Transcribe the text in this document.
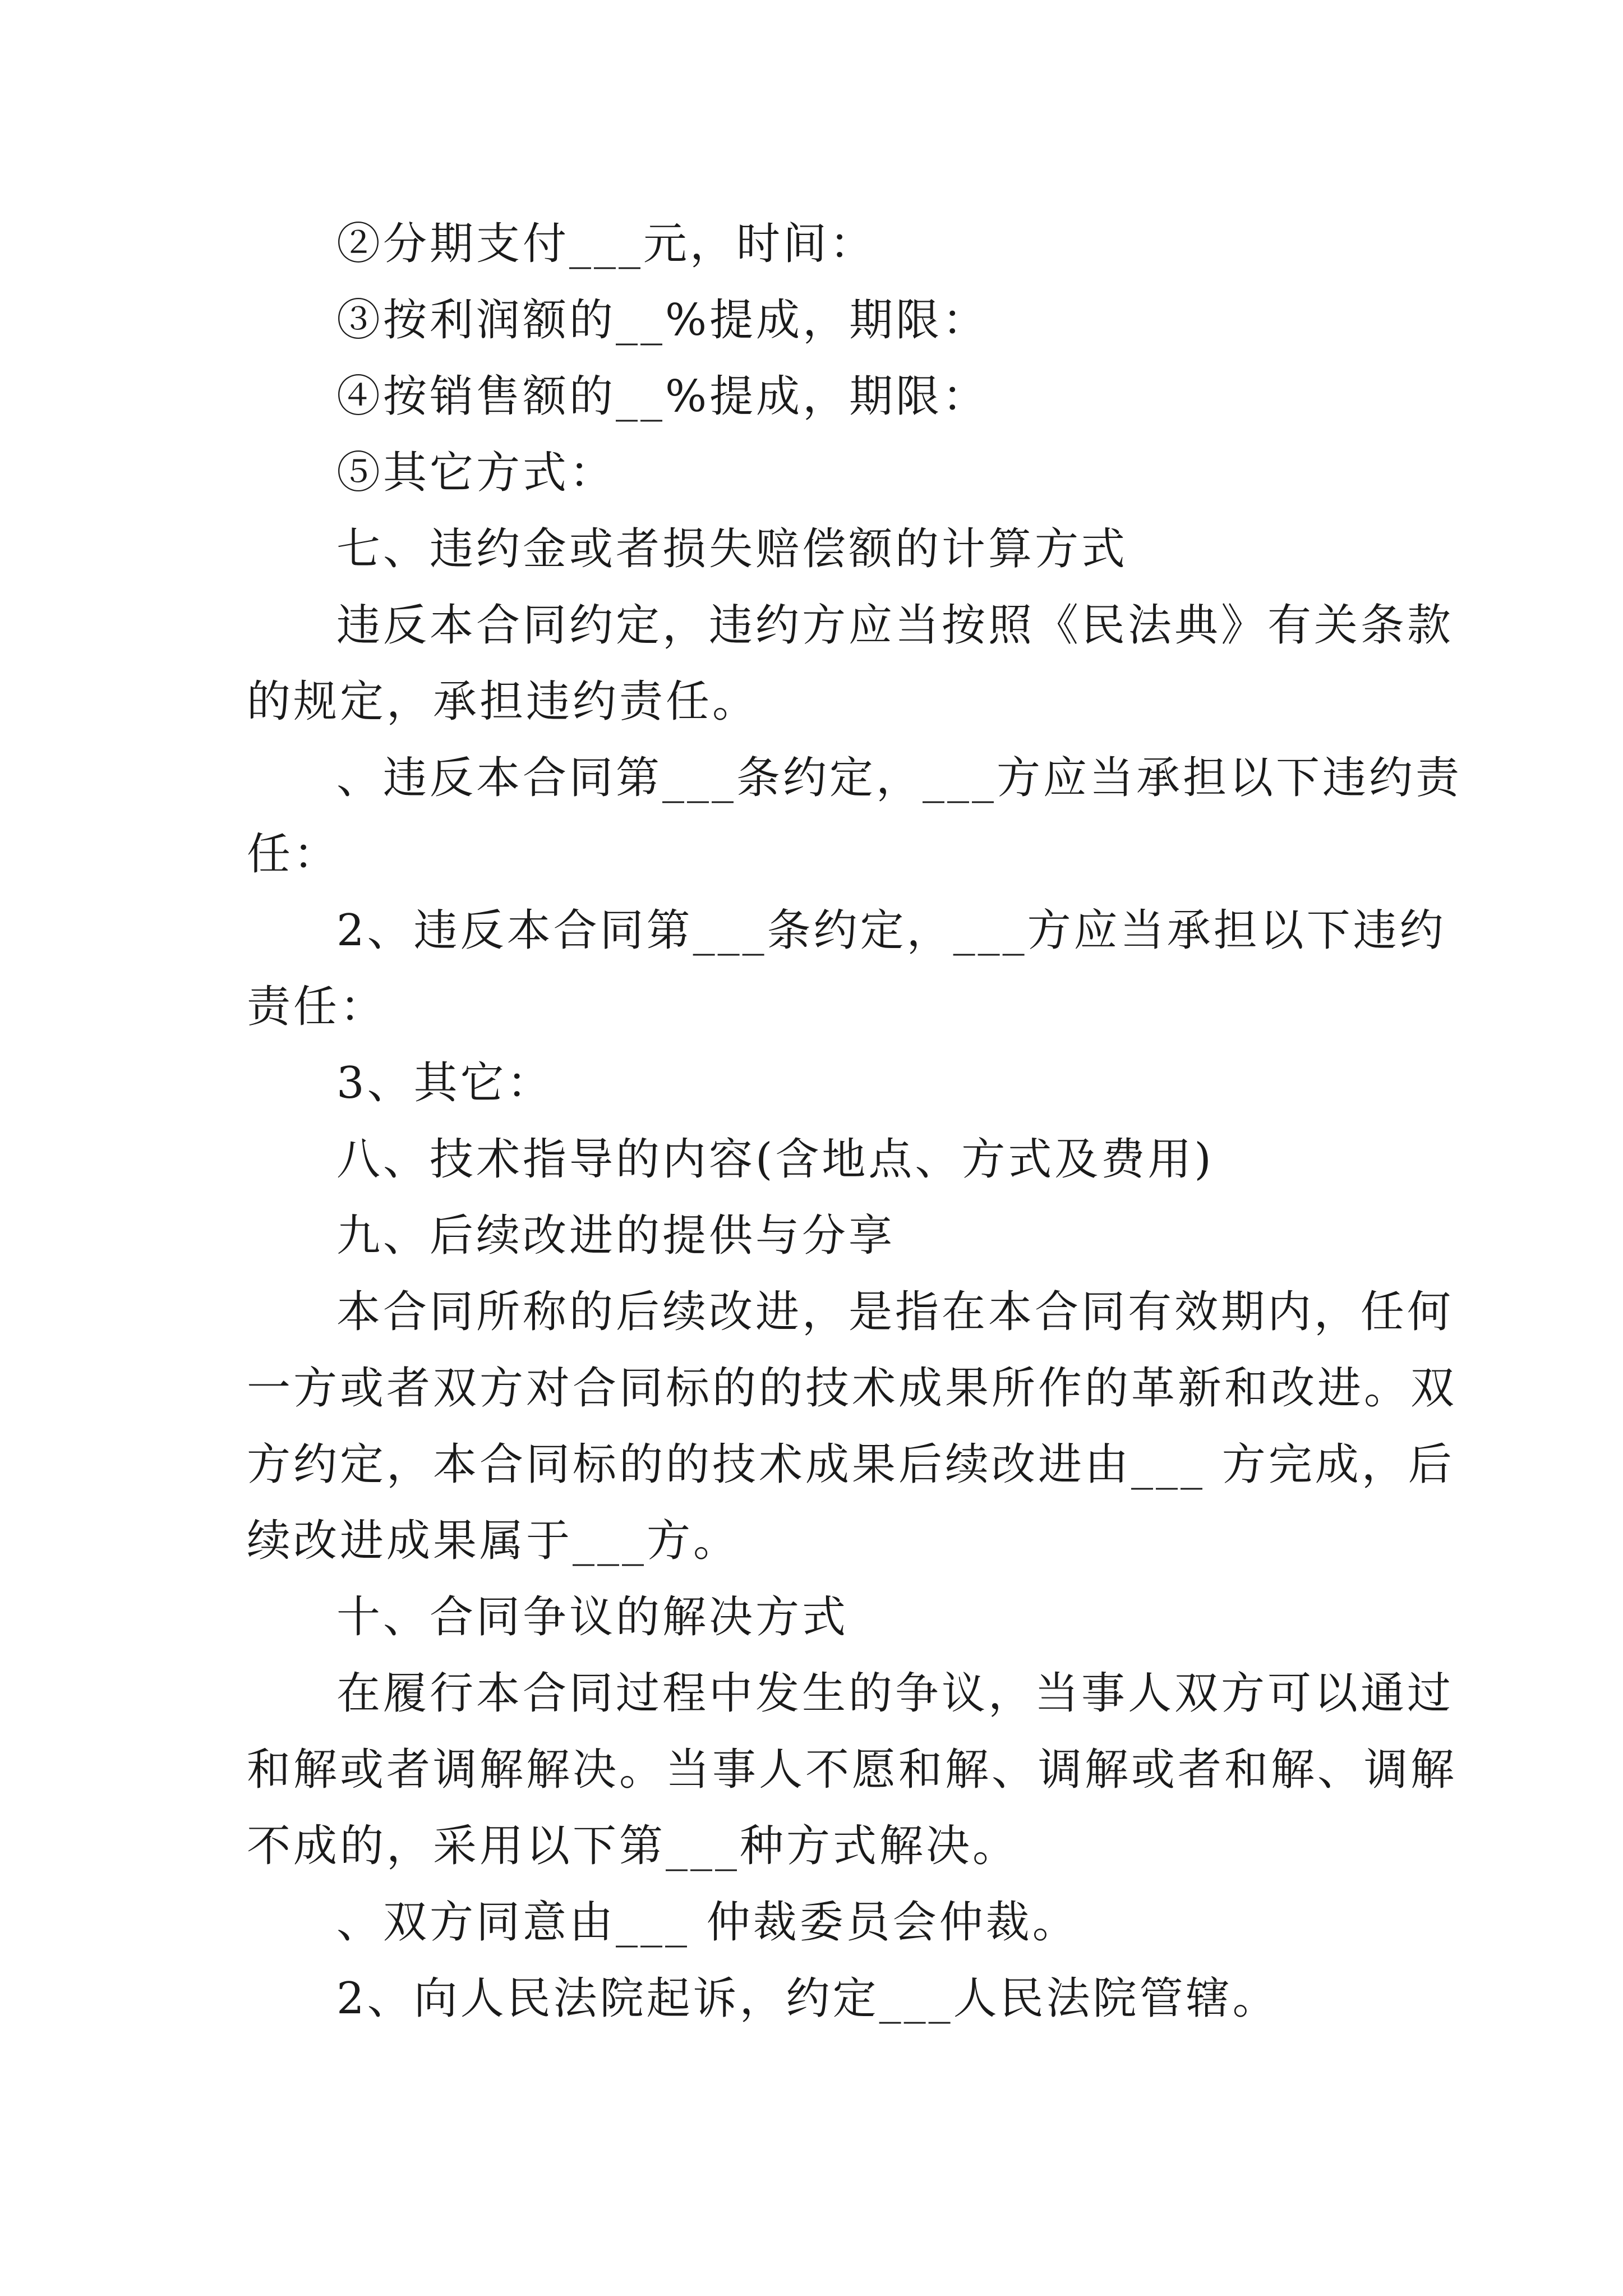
②分期支付___元，时间：
③按利润额的__%提成，期限：
④按销售额的__%提成，期限：
⑤其它方式：
七、违约金或者损失赔偿额的计算方式
违反本合同约定，违约方应当按照《民法典》有关条款
的规定，承担违约责任。
、违反本合同第___条约定，___方应当承担以下违约责
任：
2、违反本合同第___条约定，___方应当承担以下违约
责任：
3、其它：
八、技术指导的内容(含地点、方式及费用)
九、后续改进的提供与分享
本合同所称的后续改进，是指在本合同有效期内，任何
一方或者双方对合同标的的技术成果所作的革新和改进。双
方约定，本合同标的的技术成果后续改进由___ 方完成，后
续改进成果属于___方。
十、合同争议的解决方式
在履行本合同过程中发生的争议，当事人双方可以通过
和解或者调解解决。当事人不愿和解、调解或者和解、调解
不成的，采用以下第___种方式解决。
、双方同意由___ 仲裁委员会仲裁。
2、向人民法院起诉，约定___人民法院管辖。
